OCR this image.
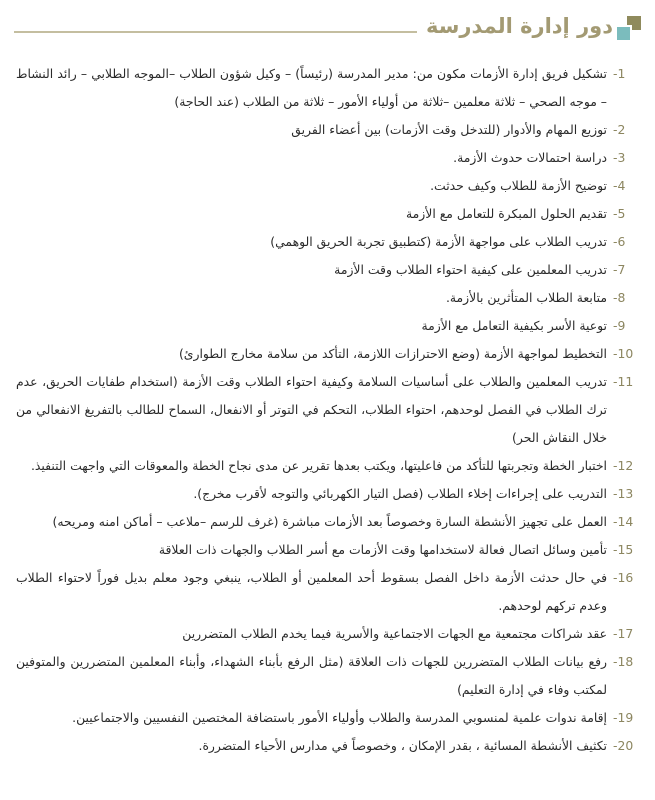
دور إدارة المدرسة
-1
تشكيل فريق إدارة الأزمات مكون من: مدير المدرسة (رئيساً) – وكيل شؤون الطلاب –الموجه الطلابي – رائد النشاط – موجه الصحي – ثلاثة معلمين –ثلاثة من أولياء الأمور – ثلاثة من الطلاب (عند الحاجة)
-2
توزيع المهام والأدوار (للتدخل وقت الأزمات) بين أعضاء الفريق
-3
دراسة احتمالات حدوث الأزمة.
-4
توضيح الأزمة للطلاب وكيف حدثت.
-5
تقديم الحلول المبكرة للتعامل مع الأزمة
-6
تدريب الطلاب على مواجهة الأزمة (كتطبيق تجربة الحريق الوهمي)
-7
تدريب المعلمين على كيفية احتواء الطلاب وقت الأزمة
-8
متابعة الطلاب المتأثرين بالأزمة.
-9
توعية الأسر بكيفية التعامل مع الأزمة
-10
التخطيط لمواجهة الأزمة (وضع الاحترازات اللازمة، التأكد من سلامة مخارج الطوارئ)
-11
تدريب المعلمين والطلاب على أساسيات السلامة وكيفية احتواء الطلاب وقت الأزمة (استخدام طفايات الحريق، عدم ترك الطلاب في الفصل لوحدهم، احتواء الطلاب، التحكم في التوتر أو الانفعال، السماح للطالب بالتفريغ الانفعالي من خلال النقاش الحر)
-12
اختبار الخطة وتجربتها للتأكد من فاعليتها، ويكتب بعدها تقرير عن مدى نجاح الخطة والمعوقات التي واجهت التنفيذ.
-13
التدريب على إجراءات إخلاء الطلاب (فصل التيار الكهربائي والتوجه لأقرب مخرج).
-14
العمل على تجهيز الأنشطة السارة وخصوصاً بعد الأزمات مباشرة (غرف للرسم –ملاعب – أماكن امنه ومريحه)
-15
تأمين وسائل اتصال فعالة لاستخدامها وقت الأزمات مع أسر الطلاب والجهات ذات العلاقة
-16
في حال حدثت الأزمة داخل الفصل بسقوط أحد المعلمين أو الطلاب، ينبغي وجود معلم بديل فوراً لاحتواء الطلاب وعدم تركهم لوحدهم.
-17
عقد شراكات مجتمعية مع الجهات الاجتماعية والأسرية فيما يخدم الطلاب المتضررين
-18
رفع بيانات الطلاب المتضررين للجهات ذات العلاقة (مثل الرفع بأبناء الشهداء، وأبناء المعلمين المتضررين والمتوفين لمكتب وفاء في إدارة التعليم)
-19
إقامة ندوات علمية لمنسوبي المدرسة والطلاب وأولياء الأمور باستضافة المختصين النفسيين والاجتماعيين.
-20
تكثيف الأنشطة المسائية ، بقدر الإمكان ، وخصوصاً في مدارس الأحياء المتضررة.
